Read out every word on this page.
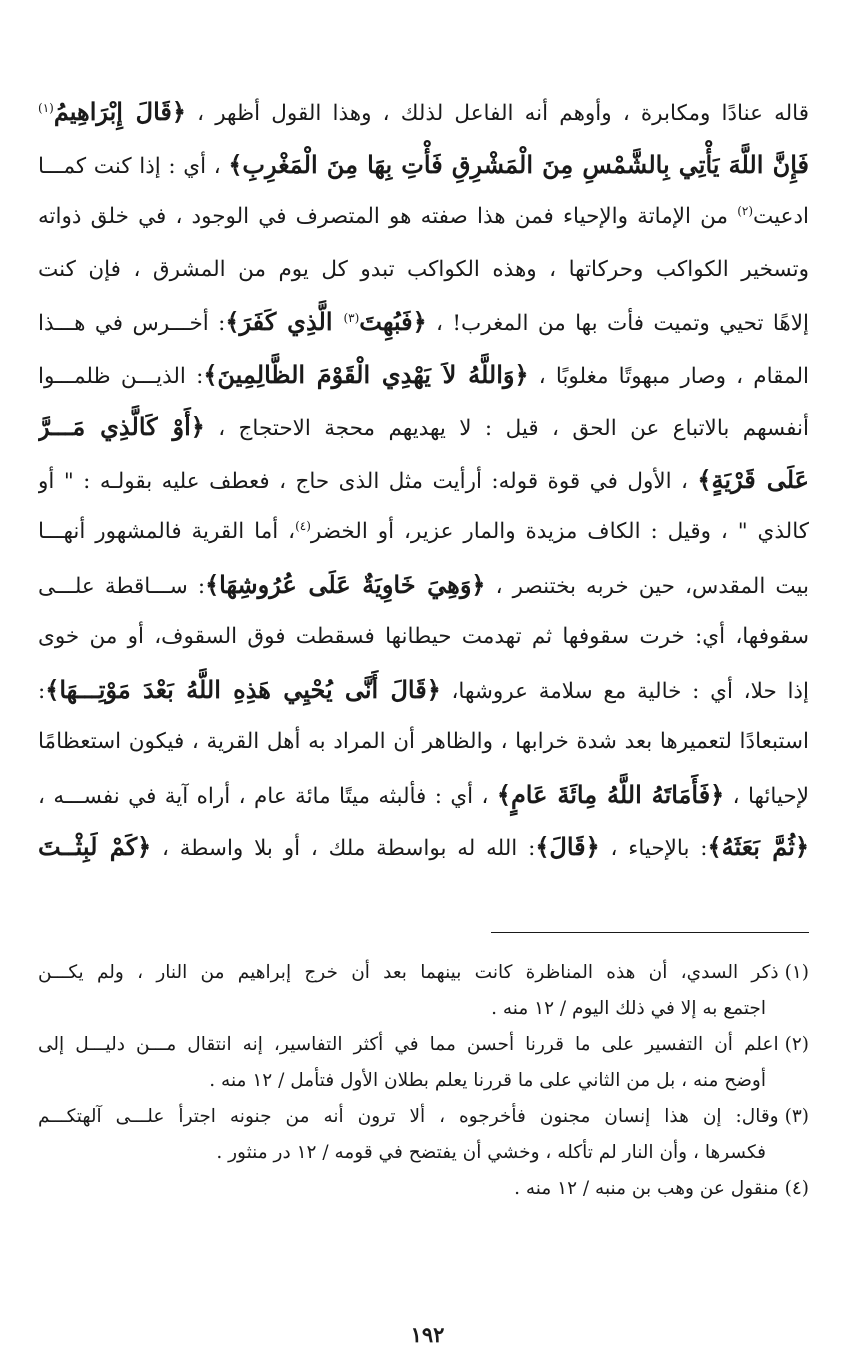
قاله عنادًا ومكابرة ، وأوهم أنه الفاعل لذلك ، وهذا القول أظهر ، ﴿قَالَ إِبْرَاهِيمُ$^{(١)}$
فَإِنَّ اللَّهَ يَأْتِي بِالشَّمْسِ مِنَ الْمَشْرِقِ فَأْتِ بِهَا مِنَ الْمَغْرِبِ﴾ ، أي : إذا كنت كمـــا
ادعيت$^{(٢)}$ من الإماتة والإحياء فمن هذا صفته هو المتصرف في الوجود ، في خلق ذواته
وتسخير الكواكب وحركاتها ، وهذه الكواكب تبدو كل يوم من المشرق ، فإن كنت
إلاهًا تحيي وتميت فأت بها من المغرب! ، ﴿فَبُهِتَ$^{(٣)}$ الَّذِي كَفَرَ﴾: أخـــرس في هـــذا
المقام ، وصار مبهوتًا مغلوبًا ، ﴿وَاللَّهُ لاَ يَهْدِي الْقَوْمَ الظَّالِمِينَ﴾: الذيـــن ظلمـــوا
أنفسهم بالاتباع عن الحق ، قيل : لا يهديهم محجة الاحتجاج ، ﴿أَوْ كَالَّذِي مَـــرَّ
عَلَى قَرْيَةٍ﴾ ، الأول في قوة قوله: أرأيت مثل الذى حاج ، فعطف عليه بقولـه : " أو
كالذي " ، وقيل : الكاف مزيدة والمار عزير، أو الخضر$^{(٤)}$، أما القرية فالمشهور أنهـــا
بيت المقدس، حين خربه بختنصر ، ﴿وَهِيَ خَاوِيَةٌ عَلَى عُرُوشِهَا﴾: ســـاقطة علـــى
سقوفها، أي: خرت سقوفها ثم تهدمت حيطانها فسقطت فوق السقوف، أو من خوى
إذا حلا، أي : خالية مع سلامة عروشها، ﴿قَالَ أَنَّى يُحْيِي هَذِهِ اللَّهُ بَعْدَ مَوْتِـــهَا﴾:
استبعادًا لتعميرها بعد شدة خرابها ، والظاهر أن المراد به أهل القرية ، فيكون استعظامًا
لإحيائها ، ﴿فَأَمَاتَهُ اللَّهُ مِائَةَ عَامٍ﴾ ، أي : فألبثه ميتًا مائة عام ، أراه آية في نفســـه ،
﴿ثُمَّ بَعَثَهُ﴾: بالإحياء ، ﴿قَالَ﴾: الله له بواسطة ملك ، أو بلا واسطة ، ﴿كَمْ لَبِثْــتَ
(١)ذكر السدي، أن هذه المناظرة كانت بينهما بعد أن خرج إبراهيم من النار ، ولم يكـــن
اجتمع به إلا في ذلك اليوم / ١٢ منه .
(٢)اعلم أن التفسير على ما قررنا أحسن مما في أكثر التفاسير، إنه انتقال مـــن دليـــل إلى
أوضح منه ، بل من الثاني على ما قررنا يعلم بطلان الأول فتأمل / ١٢ منه .
(٣)وقال: إن هذا إنسان مجنون فأخرجوه ، ألا ترون أنه من جنونه اجترأ علـــى آلهتكـــم
فكسرها ، وأن النار لم تأكله ، وخشي أن يفتضح في قومه / ١٢ در منثور .
(٤)منقول عن وهب بن منبه / ١٢ منه .
١٩٢
